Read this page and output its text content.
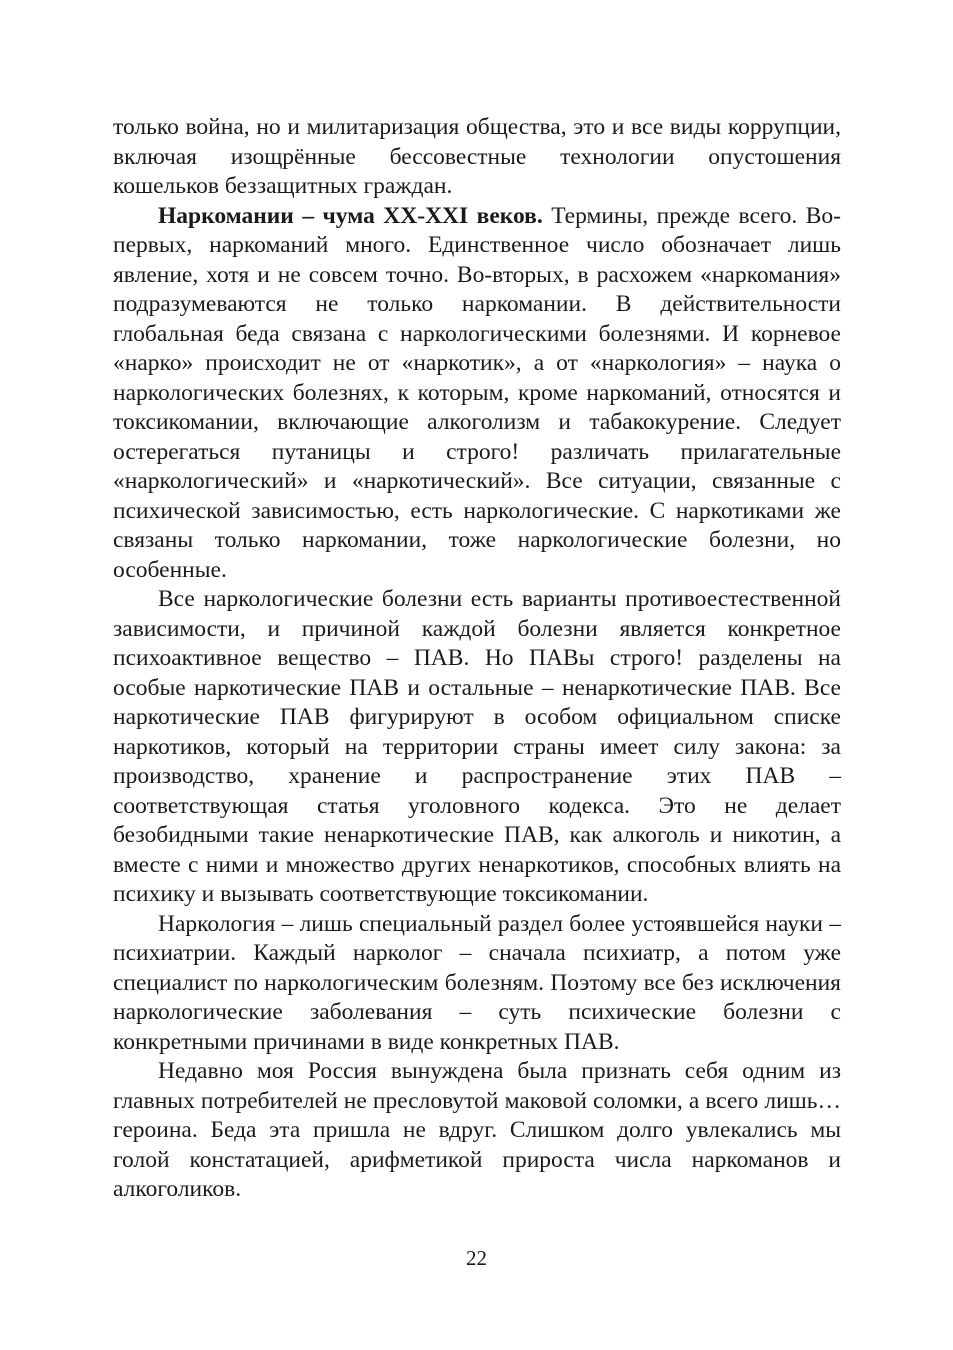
только война, но и милитаризация общества, это и все виды коррупции, включая изощрённые бессовестные технологии опустошения кошельков беззащитных граждан.

Наркомании – чума XX-XXI веков. Термины, прежде всего. Во-первых, наркоманий много. Единственное число обозначает лишь явление, хотя и не совсем точно. Во-вторых, в расхожем «наркомания» подразумеваются не только наркомании. В действительности глобальная беда связана с наркологическими болезнями. И корневое «нарко» происходит не от «наркотик», а от «наркология» – наука о наркологических болезнях, к которым, кроме наркоманий, относятся и токсикомании, включающие алкоголизм и табакокурение. Следует остерегаться путаницы и строго! различать прилагательные «наркологический» и «наркотический». Все ситуации, связанные с психической зависимостью, есть наркологические. С наркотиками же связаны только наркомании, тоже наркологические болезни, но особенные.

Все наркологические болезни есть варианты противоестественной зависимости, и причиной каждой болезни является конкретное психоактивное вещество – ПАВ. Но ПАВы строго! разделены на особые наркотические ПАВ и остальные – ненаркотические ПАВ. Все наркотические ПАВ фигурируют в особом официальном списке наркотиков, который на территории страны имеет силу закона: за производство, хранение и распространение этих ПАВ – соответствующая статья уголовного кодекса. Это не делает безобидными такие ненаркотические ПАВ, как алкоголь и никотин, а вместе с ними и множество других ненаркотиков, способных влиять на психику и вызывать соответствующие токсикомании.

Наркология – лишь специальный раздел более устоявшейся науки – психиатрии. Каждый нарколог – сначала психиатр, а потом уже специалист по наркологическим болезням. Поэтому все без исключения наркологические заболевания – суть психические болезни с конкретными причинами в виде конкретных ПАВ.

Недавно моя Россия вынуждена была признать себя одним из главных потребителей не пресловутой маковой соломки, а всего лишь… героина. Беда эта пришла не вдруг. Слишком долго увлекались мы голой констатацией, арифметикой прироста числа наркоманов и алкоголиков.

22
